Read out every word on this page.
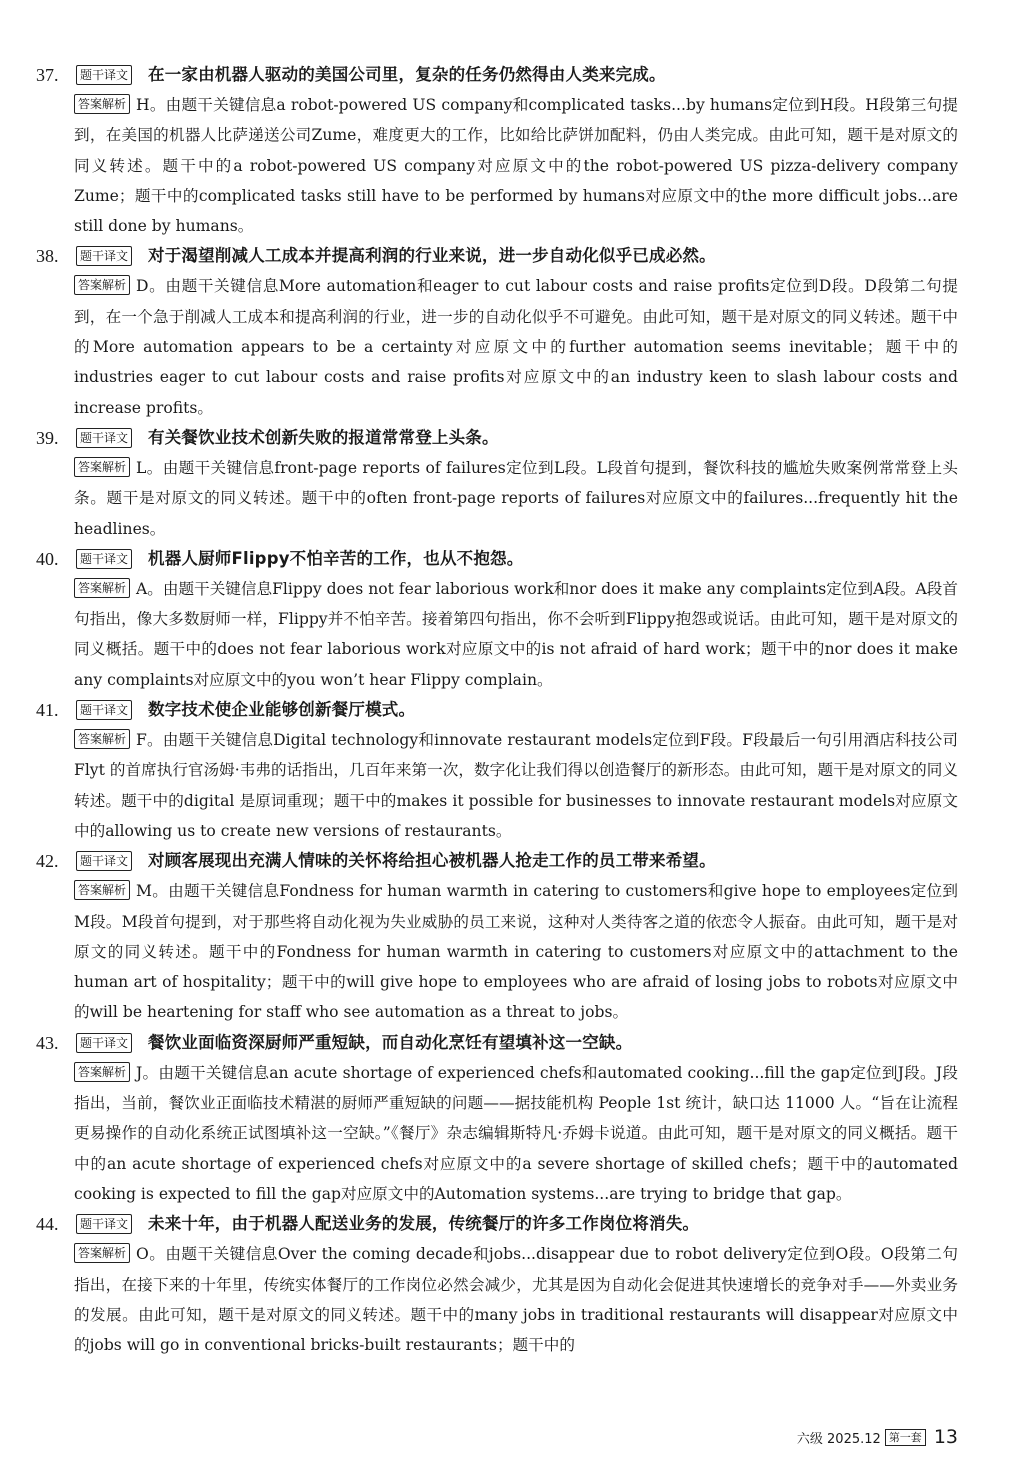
37.	题干译文 在一家由机器人驱动的美国公司里，复杂的任务仍然得由人类来完成。

答案解析 H。由题干关键信息a robot-powered US company和complicated tasks...by humans定位到H段。H段第三句提到，在美国的机器人比萨递送公司Zume，难度更大的工作，比如给比萨饼加配料，仍由人类完成。由此可知，题干是对原文的同义转述。题干中的a robot-powered US company对应原文中的the robot-powered US pizza-delivery company Zume；题干中的complicated tasks still have to be performed by humans对应原文中的the more difficult jobs...are still done by humans。

38.	题干译文 对于渴望削减人工成本并提高利润的行业来说，进一步自动化似乎已成必然。

答案解析 D。由题干关键信息More automation和eager to cut labour costs and raise profits定位到D段。D段第二句提到，在一个急于削减人工成本和提高利润的行业，进一步的自动化似乎不可避免。由此可知，题干是对原文的同义转述。题干中的More automation appears to be a certainty对应原文中的further automation seems inevitable；题干中的industries eager to cut labour costs and raise profits对应原文中的an industry keen to slash labour costs and increase profits。

39.	题干译文 有关餐饮业技术创新失败的报道常常登上头条。

答案解析 L。由题干关键信息front-page reports of failures定位到L段。L段首句提到，餐饮科技的尴尬失败案例常常登上头条。题干是对原文的同义转述。题干中的often front-page reports of failures对应原文中的failures...frequently hit the headlines。

40.	题干译文 机器人厨师Flippy不怕辛苦的工作，也从不抱怨。

答案解析 A。由题干关键信息Flippy does not fear laborious work和nor does it make any complaints定位到A段。A段首句指出，像大多数厨师一样，Flippy并不怕辛苦。接着第四句指出，你不会听到Flippy抱怨或说话。由此可知，题干是对原文的同义概括。题干中的does not fear laborious work对应原文中的is not afraid of hard work；题干中的nor does it make any complaints对应原文中的you won’t hear Flippy complain。

41.	题干译文 数字技术使企业能够创新餐厅模式。

答案解析 F。由题干关键信息Digital technology和innovate restaurant models定位到F段。F段最后一句引用酒店科技公司 Flyt 的首席执行官汤姆·韦弗的话指出，几百年来第一次，数字化让我们得以创造餐厅的新形态。由此可知，题干是对原文的同义转述。题干中的digital 是原词重现；题干中的makes it possible for businesses to innovate restaurant models对应原文中的allowing us to create new versions of restaurants。

42.	题干译文 对顾客展现出充满人情味的关怀将给担心被机器人抢走工作的员工带来希望。

答案解析 M。由题干关键信息Fondness for human warmth in catering to customers和give hope to employees定位到M段。M段首句提到，对于那些将自动化视为失业威胁的员工来说，这种对人类待客之道的依恋令人振奋。由此可知，题干是对原文的同义转述。题干中的Fondness for human warmth in catering to customers对应原文中的attachment to the human art of hospitality；题干中的will give hope to employees who are afraid of losing jobs to robots对应原文中的will be heartening for staff who see automation as a threat to jobs。

43.	题干译文 餐饮业面临资深厨师严重短缺，而自动化烹饪有望填补这一空缺。

答案解析 J。由题干关键信息an acute shortage of experienced chefs和automated cooking...fill the gap定位到J段。J段指出，当前，餐饮业正面临技术精湛的厨师严重短缺的问题——据技能机构 People 1st 统计，缺口达 11000 人。“旨在让流程更易操作的自动化系统正试图填补这一空缺。”《餐厅》杂志编辑斯特凡·乔姆卡说道。由此可知，题干是对原文的同义概括。题干中的an acute shortage of experienced chefs对应原文中的a severe shortage of skilled chefs；题干中的automated cooking is expected to fill the gap对应原文中的Automation systems...are trying to bridge that gap。

44.	题干译文 未来十年，由于机器人配送业务的发展，传统餐厅的许多工作岗位将消失。

答案解析 O。由题干关键信息Over the coming decade和jobs...disappear due to robot delivery定位到O段。O段第二句指出，在接下来的十年里，传统实体餐厅的工作岗位必然会减少，尤其是因为自动化会促进其快速增长的竞争对手——外卖业务的发展。由此可知，题干是对原文的同义转述。题干中的many jobs in traditional restaurants will disappear对应原文中的jobs will go in conventional bricks-built restaurants；题干中的

六级 2025.12 第一套 13
